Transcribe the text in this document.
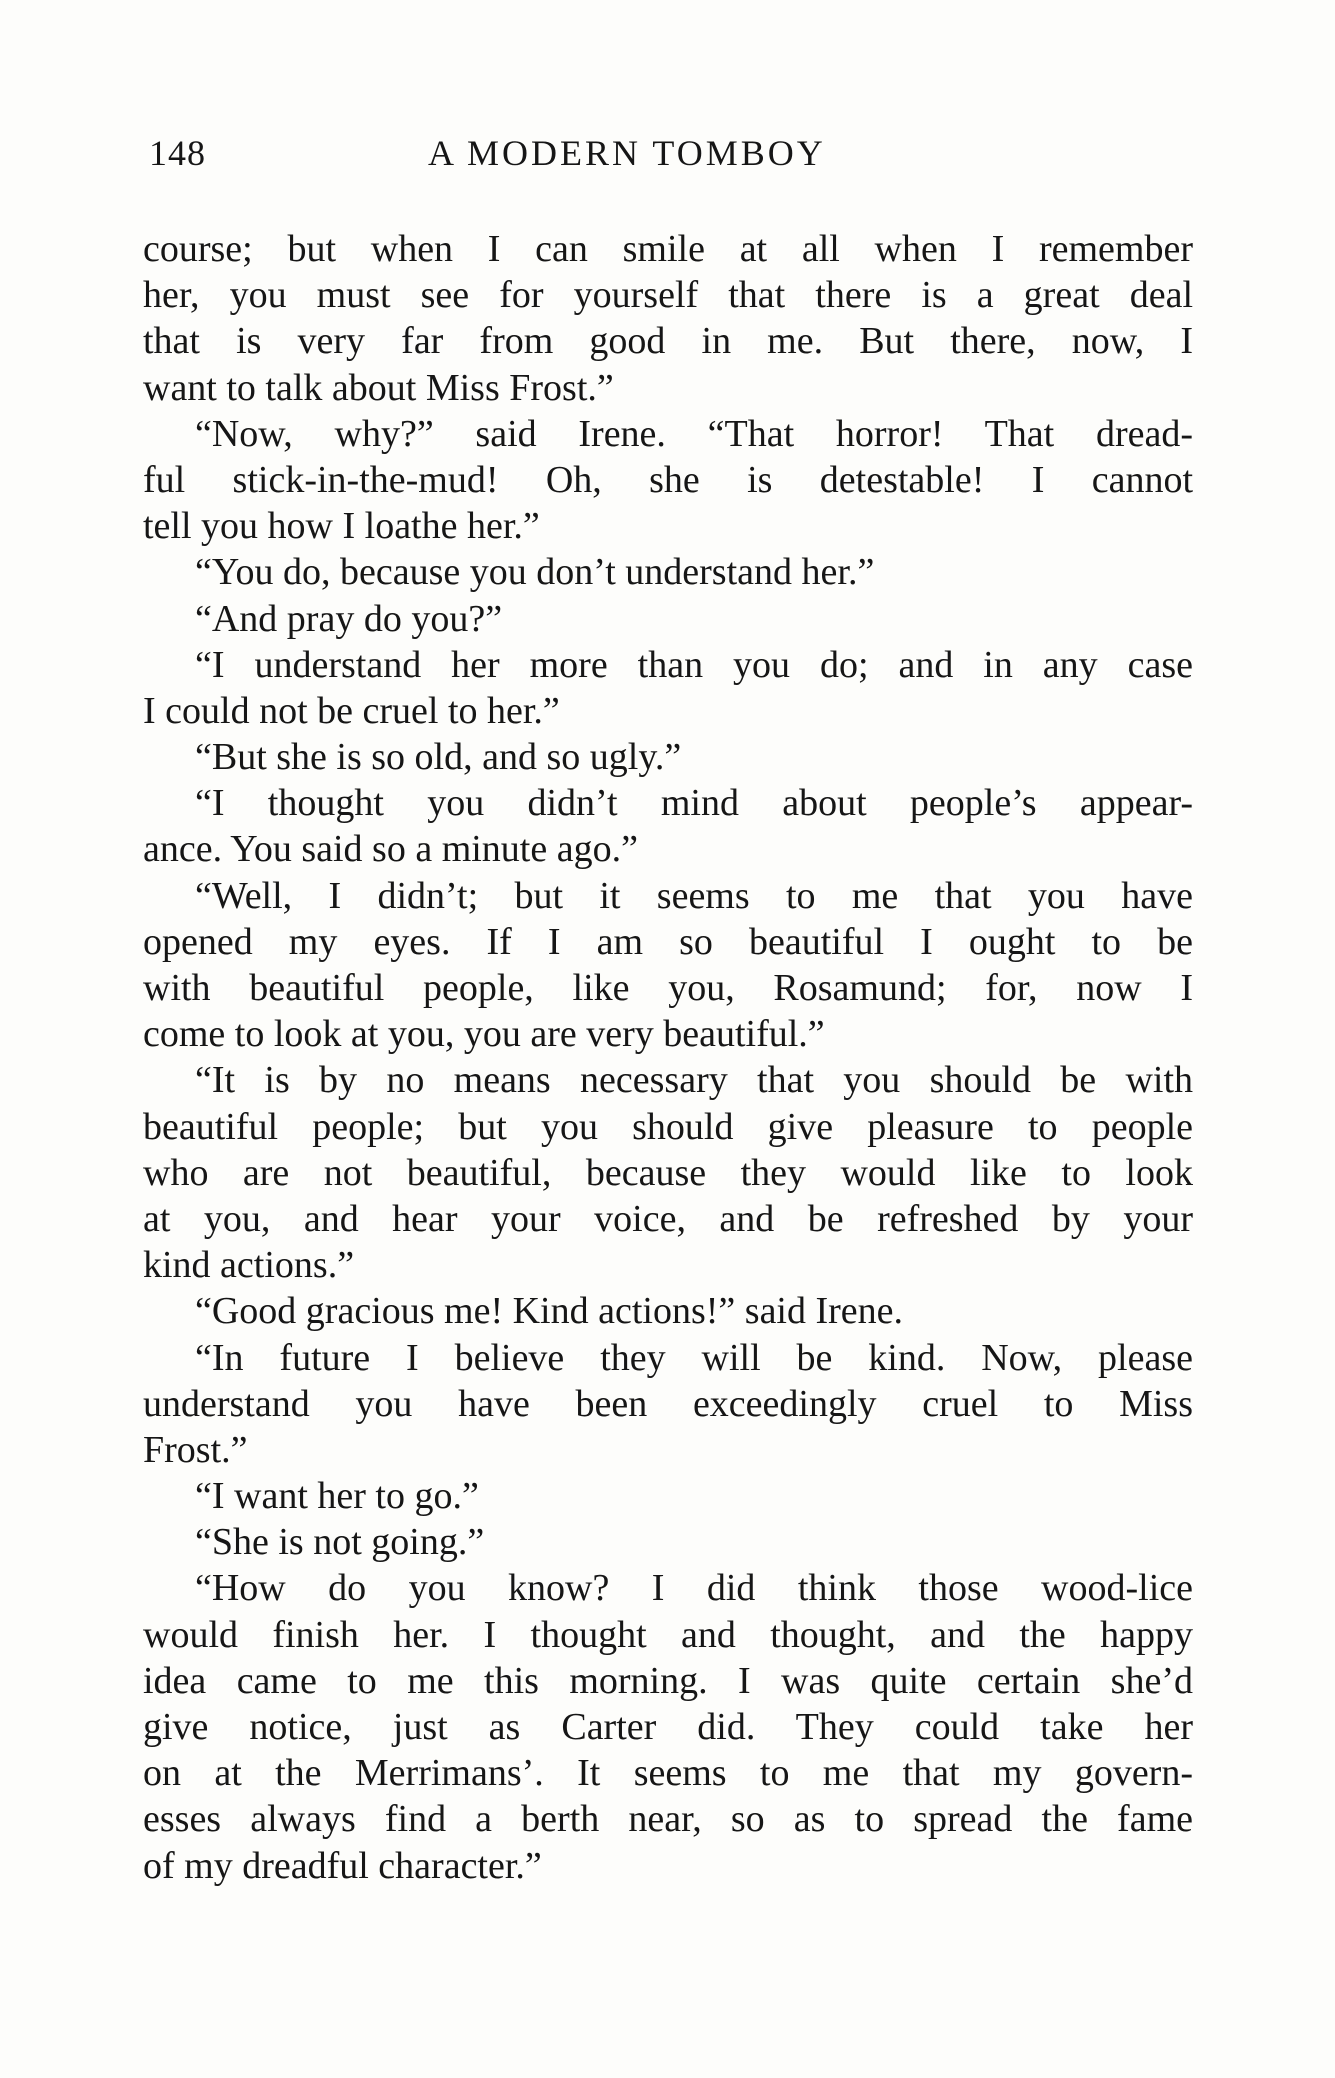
148	A MODERN TOMBOY
course; but when I can smile at all when I remember
her, you must see for yourself that there is a great deal
that is very far from good in me. But there, now, I
want to talk about Miss Frost.”
“Now, why?” said Irene. “That horror! That dread-
ful stick-in-the-mud! Oh, she is detestable! I cannot
tell you how I loathe her.”
“You do, because you don’t understand her.”
“And pray do you?”
“I understand her more than you do; and in any case
I could not be cruel to her.”
“But she is so old, and so ugly.”
“I thought you didn’t mind about people’s appear-
ance. You said so a minute ago.”
“Well, I didn’t; but it seems to me that you have
opened my eyes. If I am so beautiful I ought to be
with beautiful people, like you, Rosamund; for, now I
come to look at you, you are very beautiful.”
“It is by no means necessary that you should be with
beautiful people; but you should give pleasure to people
who are not beautiful, because they would like to look
at you, and hear your voice, and be refreshed by your
kind actions.”
“Good gracious me! Kind actions!” said Irene.
“In future I believe they will be kind. Now, please
understand you have been exceedingly cruel to Miss
Frost.”
“I want her to go.”
“She is not going.”
“How do you know? I did think those wood-lice
would finish her. I thought and thought, and the happy
idea came to me this morning. I was quite certain she’d
give notice, just as Carter did. They could take her
on at the Merrimans’. It seems to me that my govern-
esses always find a berth near, so as to spread the fame
of my dreadful character.”
